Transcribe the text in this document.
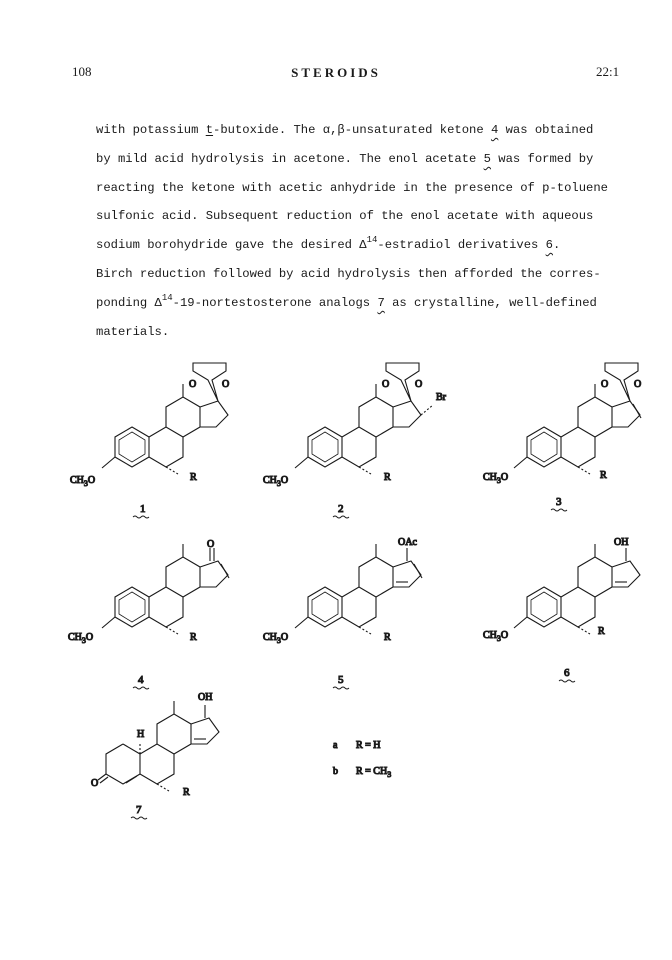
108	STEROIDS	22:1
with potassium t-butoxide. The α,β-unsaturated ketone 4 was obtained
by mild acid hydrolysis in acetone. The enol acetate 5 was formed by
reacting the ketone with acetic anhydride in the presence of p-toluene
sulfonic acid. Subsequent reduction of the enol acetate with aqueous
sodium borohydride gave the desired $\Delta^{14}$-estradiol derivatives 6.
Birch reduction followed by acid hydrolysis then afforded the corres-
ponding $\Delta^{14}-19$-nortestosterone analogs 7 as crystalline, well-defined
materials.
$CH_3O$	R
O	O
1
$CH_3O$	R
Br
O	O
2
$CH_3O$	R
O	O
3
$CH_3O$	R
O
4
$CH_3O$	R
OAc
5
$CH_3O$	R
OH
6
O
H
R
OH
7
a R = H
b $R = CH_3$
